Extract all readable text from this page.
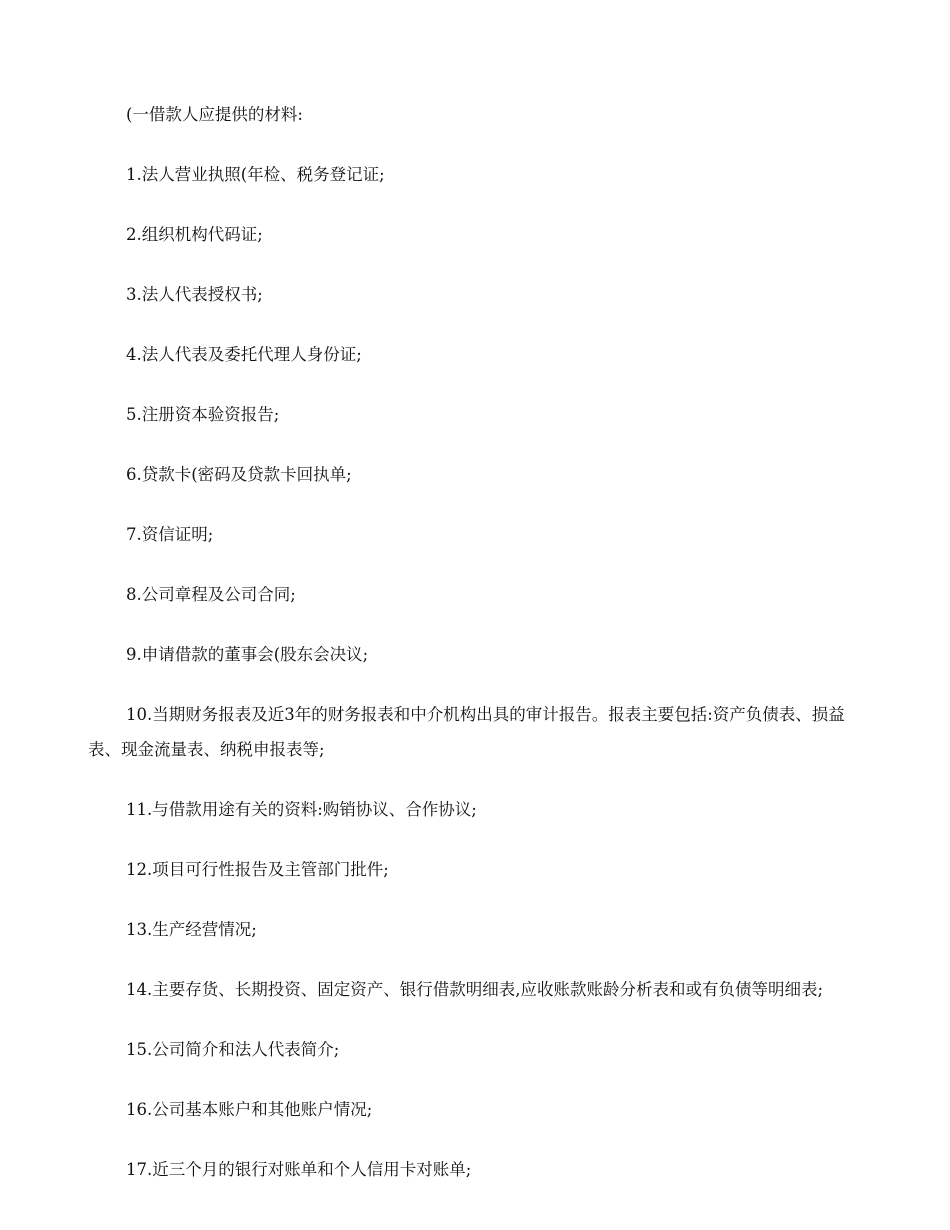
(一借款人应提供的材料:

1.法人营业执照(年检、税务登记证;

2.组织机构代码证;

3.法人代表授权书;

4.法人代表及委托代理人身份证;

5.注册资本验资报告;

6.贷款卡(密码及贷款卡回执单;

7.资信证明;

8.公司章程及公司合同;

9.申请借款的董事会(股东会决议;

10.当期财务报表及近3年的财务报表和中介机构出具的审计报告。报表主要包括:资产负债表、损益表、现金流量表、纳税申报表等;

11.与借款用途有关的资料:购销协议、合作协议;

12.项目可行性报告及主管部门批件;

13.生产经营情况;

14.主要存货、长期投资、固定资产、银行借款明细表,应收账款账龄分析表和或有负债等明细表;

15.公司简介和法人代表简介;

16.公司基本账户和其他账户情况;

17.近三个月的银行对账单和个人信用卡对账单;
